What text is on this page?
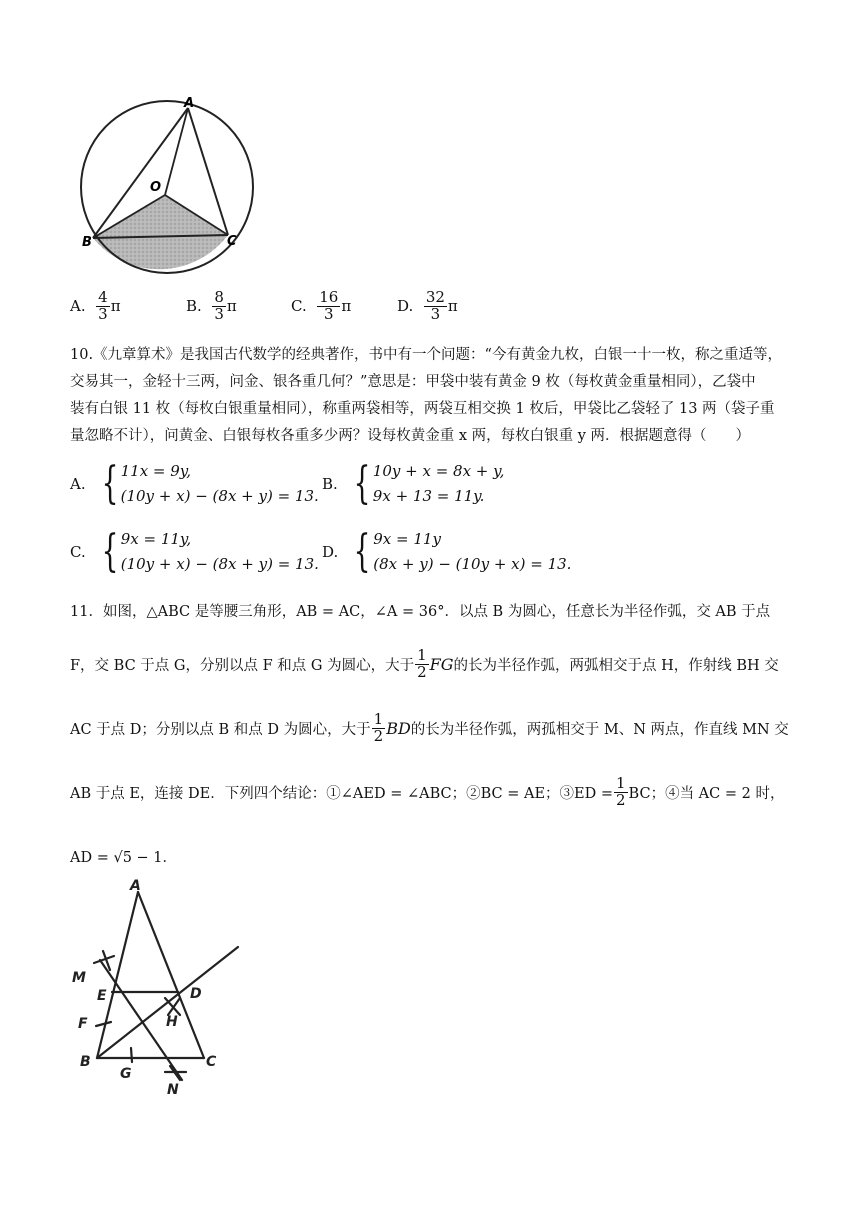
A
O
B	C
A.
$\frac{4}{3}$ π	B.
$\frac{8}{3}$ π	C.
$\frac{16}{3}$ π	D.
$\frac{32}{3}$ π
10.《九章算术》是我国古代数学的经典著作，书中有一个问题：“今有黄金九枚，白银一十一枚，称之重适等，
交易其一，金轻十三两，问金、银各重几何？”意思是：甲袋中装有黄金 9 枚（每枚黄金重量相同），乙袋中
装有白银 11 枚（每枚白银重量相同），称重两袋相等，两袋互相交换 1 枚后，甲袋比乙袋轻了 13 两（袋子重
量忽略不计），问黄金、白银每枚各重多少两？设每枚黄金重 x 两，每枚白银重 y 两．根据题意得（　　）
A. { 11x = 9y,
(10y + x) − (8x + y) = 13.
B. { 10y + x = 8x + y,
9x + 13 = 11y.
C. { 9x = 11y,
(10y + x) − (8x + y) = 13.
D. { 9x = 11y
(8x + y) − (10y + x) = 13.
11．如图，△ABC 是等腰三角形，AB = AC，∠A = 36°．以点 B 为圆心，任意长为半径作弧，交 AB 于点
F，交 BC 于点 G，分别以点 F 和点 G 为圆心，大于 $\frac{1}{2}$ FG 的长为半径作弧，两弧相交于点 H，作射线 BH 交
AC 于点 D；分别以点 B 和点 D 为圆心，大于 $\frac{1}{2}$ BD 的长为半径作弧，两孤相交于 M、N 两点，作直线 MN 交
AB 于点 E，连接 DE．下列四个结论：①∠AED = ∠ABC；②BC = AE；③ED = $\frac{1}{2}$ BC；④当 AC = 2 时，
AD = √5 − 1．
A
M
E	D
F	H
B
G
C
N
